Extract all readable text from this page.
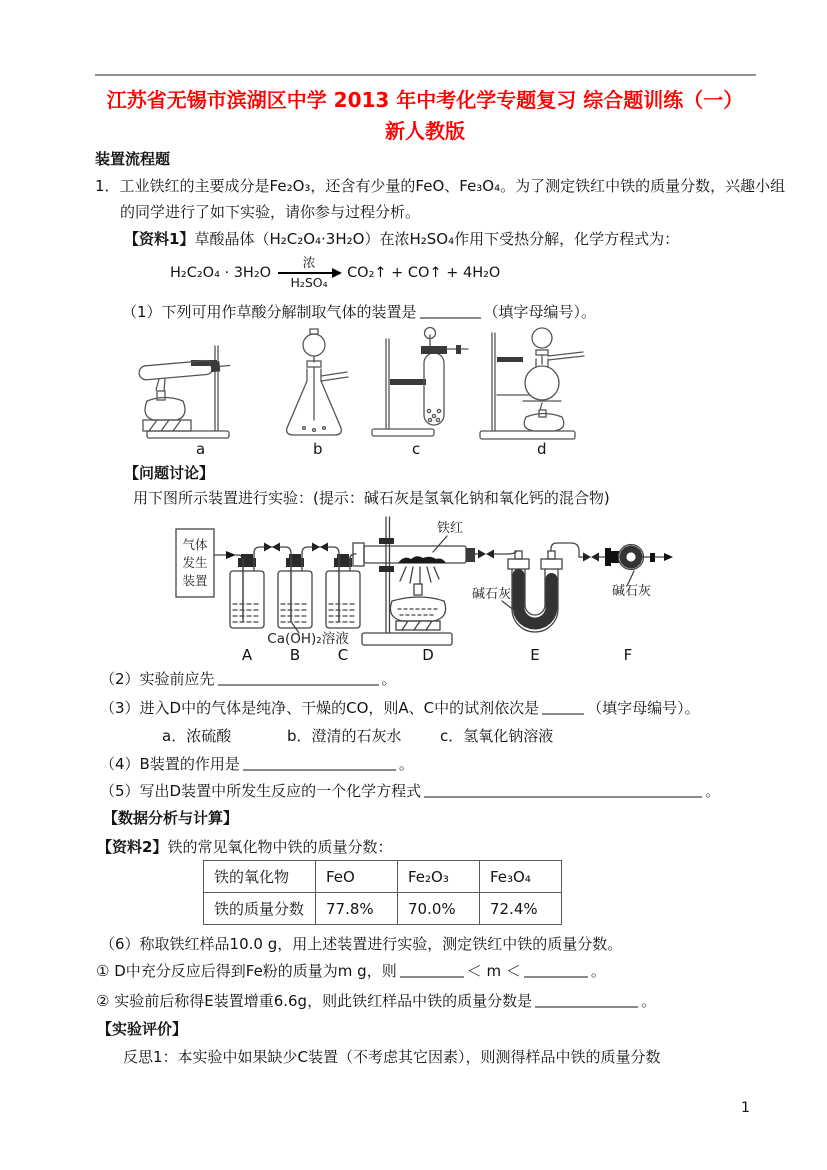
江苏省无锡市滨湖区中学 2013 年中考化学专题复习 综合题训练（一） 新人教版
装置流程题
1．工业铁红的主要成分是Fe₂O₃，还含有少量的FeO、Fe₃O₄。为了测定铁红中铁的质量分数，兴趣小组
的同学进行了如下实验，请你参与过程分析。
【资料1】草酸晶体（H₂C₂O₄·3H₂O）在浓H₂SO₄作用下受热分解，化学方程式为：
H₂C₂O₄ · 3H₂O
浓
H₂SO₄
CO₂↑ + CO↑ + 4H₂O
（1）下列可用作草酸分解制取气体的装置是	（填字母编号）。
a	b	c	d
【问题讨论】
用下图所示装置进行实验：(提示：碱石灰是氢氧化钠和氧化钙的混合物)
气体
发生
装置
铁红
碱石灰	碱石灰
Ca(OH)₂溶液
A	B	C	D	E	F
（2）实验前应先	。
（3）进入D中的气体是纯净、干燥的CO，则A、C中的试剂依次是	（填字母编号）。
a．浓硫酸	b．澄清的石灰水	c．氢氧化钠溶液
（4）B装置的作用是	。
（5）写出D装置中所发生反应的一个化学方程式	。
【数据分析与计算】
【资料2】铁的常见氧化物中铁的质量分数：
铁的氧化物	FeO	Fe₂O₃	Fe₃O₄
铁的质量分数	77.8%	70.0%	72.4%
（6）称取铁红样品10.0 g，用上述装置进行实验，测定铁红中铁的质量分数。
① D中充分反应后得到Fe粉的质量为m g，则	＜ m ＜	。
② 实验前后称得E装置增重6.6g，则此铁红样品中铁的质量分数是	。
【实验评价】
反思1：本实验中如果缺少C装置（不考虑其它因素），则测得样品中铁的质量分数
1
